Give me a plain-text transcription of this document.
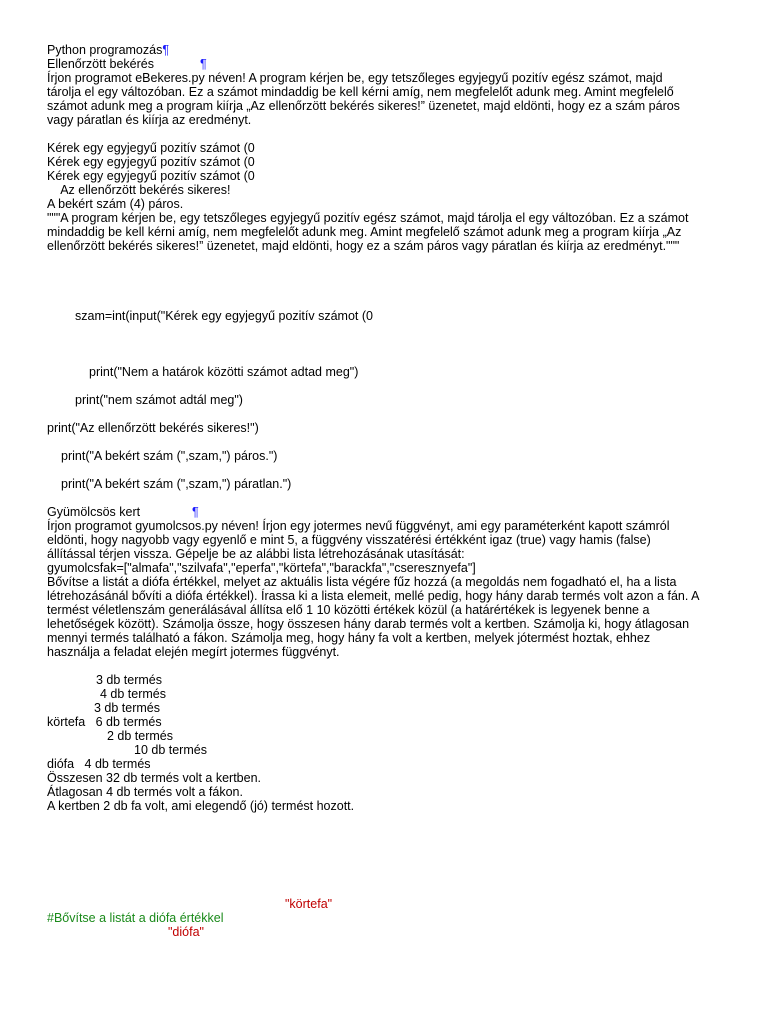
Python programozás¶
Ellenőrzött bekérés	¶
Írjon programot eBekeres.py néven! A program kérjen be, egy tetszőleges egyjegyű pozitív egész számot, majd
tárolja el egy változóban. Ez a számot mindaddig be kell kérni amíg, nem megfelelőt adunk meg. Amint megfelelő
számot adunk meg a program kiírja „Az ellenőrzött bekérés sikeres!” üzenetet, majd eldönti, hogy ez a szám páros
vagy páratlan és kiírja az eredményt.
Kérek egy egyjegyű pozitív számot (0
Kérek egy egyjegyű pozitív számot (0
Kérek egy egyjegyű pozitív számot (0
Az ellenőrzött bekérés sikeres!
A bekért szám (4) páros.
"""A program kérjen be, egy tetszőleges egyjegyű pozitív egész számot, majd tárolja el egy változóban. Ez a számot
mindaddig be kell kérni amíg, nem megfelelőt adunk meg. Amint megfelelő számot adunk meg a program kiírja „Az
ellenőrzött bekérés sikeres!” üzenetet, majd eldönti, hogy ez a szám páros vagy páratlan és kiírja az eredményt."""
szam=int(input("Kérek egy egyjegyű pozitív számot (0
print("Nem a határok közötti számot adtad meg")
print("nem számot adtál meg")
print("Az ellenőrzött bekérés sikeres!")
print("A bekért szám (",szam,") páros.")
print("A bekért szám (",szam,") páratlan.")
Gyümölcsös kert	¶
Írjon programot gyumolcsos.py néven! Írjon egy jotermes nevű függvényt, ami egy paraméterként kapott számról
eldönti, hogy nagyobb vagy egyenlő e mint 5, a függvény visszatérési értékként igaz (true) vagy hamis (false)
állítással térjen vissza. Gépelje be az alábbi lista létrehozásának utasítását:
gyumolcsfak=["almafa","szilvafa","eperfa","körtefa","barackfa","cseresznyefa"]
Bővítse a listát a diófa értékkel, melyet az aktuális lista végére fűz hozzá (a megoldás nem fogadható el, ha a lista
létrehozásánál bővíti a diófa értékkel). Írassa ki a lista elemeit, mellé pedig, hogy hány darab termés volt azon a fán. A
termést véletlenszám generálásával állítsa elő 1 10 közötti értékek közül (a határértékek is legyenek benne a
lehetőségek között). Számolja össze, hogy összesen hány darab termés volt a kertben. Számolja ki, hogy átlagosan
mennyi termés található a fákon. Számolja meg, hogy hány fa volt a kertben, melyek jótermést hoztak, ehhez
használja a feladat elején megírt jotermes függvényt.
3 db termés
4 db termés
3 db termés
körtefa   6 db termés
2 db termés
10 db termés
diófa   4 db termés
Összesen 32 db termés volt a kertben.
Átlagosan 4 db termés volt a fákon.
A kertben 2 db fa volt, ami elegendő (jó) termést hozott.
"körtefa"
#Bővítse a listát a diófa értékkel
"diófa"
